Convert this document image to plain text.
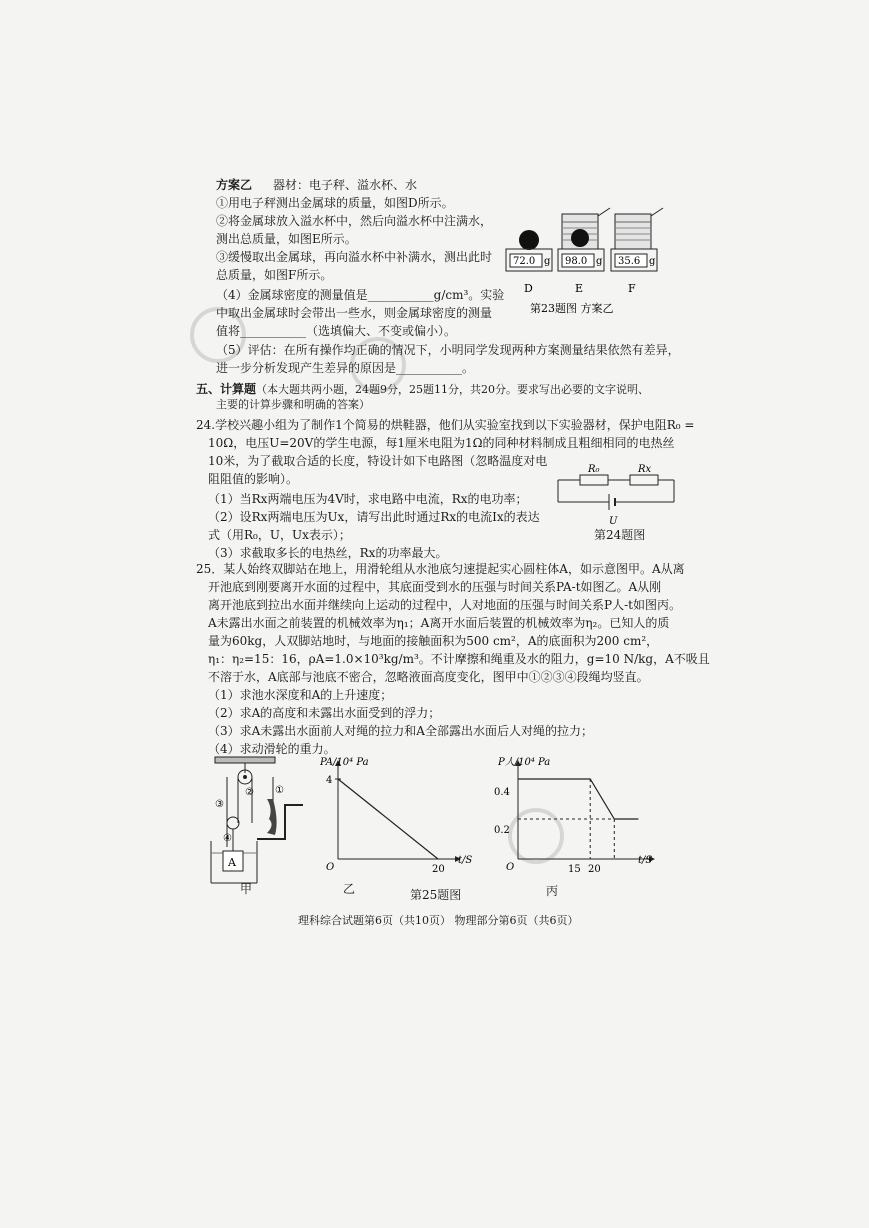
方案乙 器材：电子秤、溢水杯、水
①用电子秤测出金属球的质量，如图D所示。
②将金属球放入溢水杯中，然后向溢水杯中注满水，
测出总质量，如图E所示。
③缓慢取出金属球，再向溢水杯中补满水，测出此时
总质量，如图F所示。
（4）金属球密度的测量值是___________g/cm³。实验
中取出金属球时会带出一些水，则金属球密度的测量
值将___________（选填偏大、不变或偏小）。
（5）评估：在所有操作均正确的情况下，小明同学发现两种方案测量结果依然有差异，
进一步分析发现产生差异的原因是___________。
72.0 g 98.0 g 35.6 g
D	E	F
第23题图 方案乙
五、计算题（本大题共两小题，24题9分，25题11分，共20分。要求写出必要的文字说明、
主要的计算步骤和明确的答案）
24.学校兴趣小组为了制作1个简易的烘鞋器，他们从实验室找到以下实验器材，保护电阻R₀ =
10Ω，电压U=20V的学生电源，每1厘米电阻为1Ω的同种材料制成且粗细相同的电热丝
10米，为了截取合适的长度，特设计如下电路图（忽略温度对电
阻阻值的影响）。
（1）当Rx两端电压为4V时，求电路中电流，Rx的电功率；
（2）设Rx两端电压为Ux，请写出此时通过Rx的电流Ix的表达
式（用R₀，U，Ux表示）；
（3）求截取多长的电热丝，Rx的功率最大。
R₀	Rx
U
第24题图
25．某人始终双脚站在地上，用滑轮组从水池底匀速提起实心圆柱体A，如示意图甲。A从离
开池底到刚要离开水面的过程中，其底面受到水的压强与时间关系PA-t如图乙。A从刚
离开池底到拉出水面并继续向上运动的过程中，人对地面的压强与时间关系P人-t如图丙。
A未露出水面之前装置的机械效率为η₁；A离开水面后装置的机械效率为η₂。已知人的质
量为60kg，人双脚站地时，与地面的接触面积为500 cm²，A的底面积为200 cm²，
η₁：η₂=15：16，ρA=1.0×10³kg/m³。不计摩擦和绳重及水的阻力，g=10 N/kg，A不吸且
不溶于水，A底部与池底不密合，忽略液面高度变化，图甲中①②③④段绳均竖直。
（1）求池水深度和A的上升速度；
（2）求A的高度和未露出水面受到的浮力；
（3）求A未露出水面前人对绳的拉力和A全部露出水面后人对绳的拉力；
（4）求动滑轮的重力。
A
①
②
③
④
PA/10⁴ Pa
4
20
O
t/S
P人/10⁴ Pa
0.4
0.2
15 20
O
t/S
甲	乙	第25题图	丙
理科综合试题第6页（共10页） 物理部分第6页（共6页）
